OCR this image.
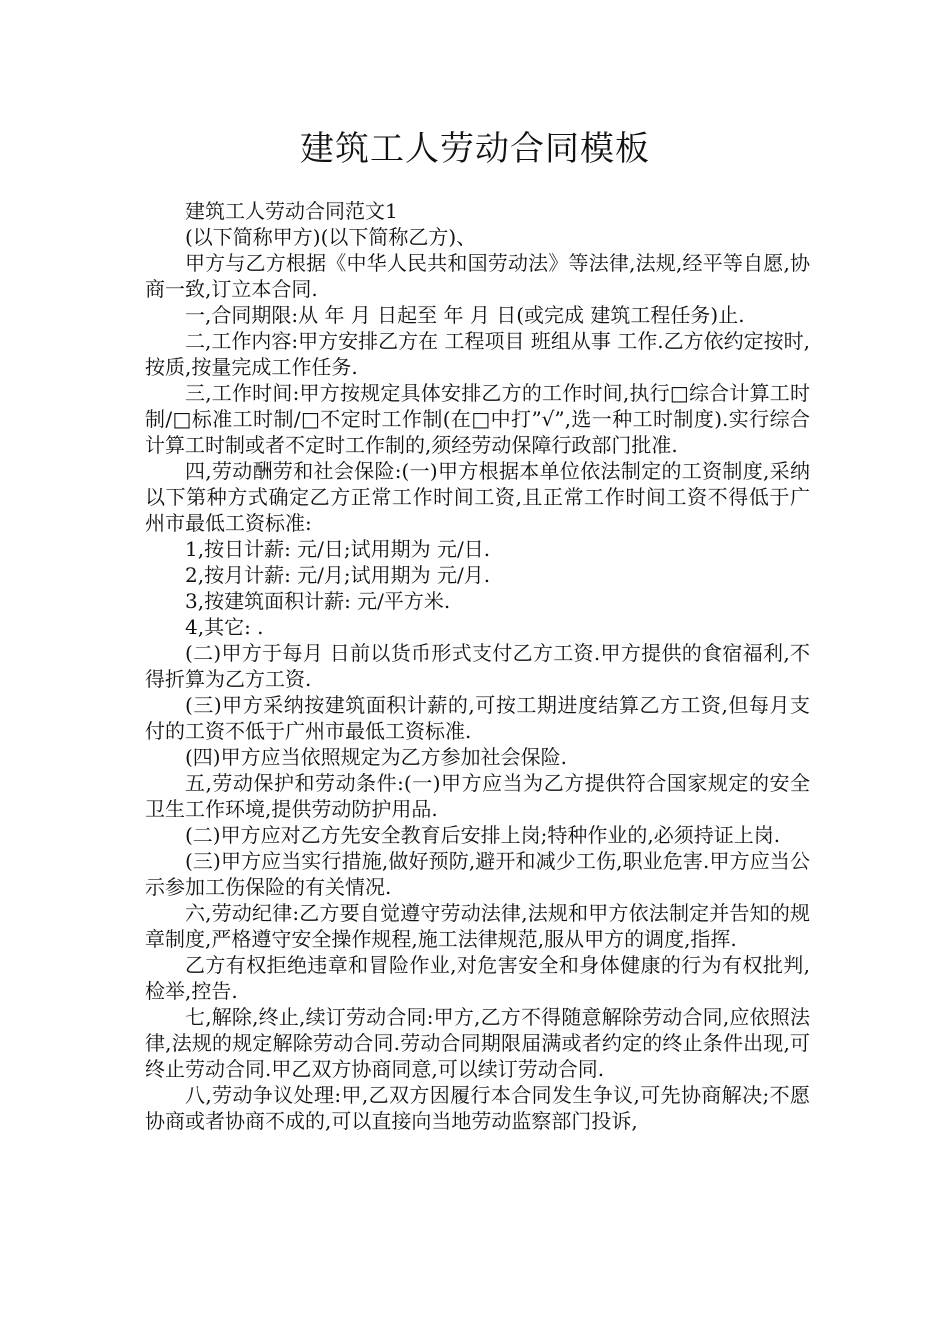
建筑工人劳动合同模板

建筑工人劳动合同范文1

(以下简称甲方)(以下简称乙方)、

甲方与乙方根据《中华人民共和国劳动法》等法律,法规,经平等自愿,协商一致,订立本合同.

一,合同期限:从 年 月 日起至 年 月 日(或完成 建筑工程任务)止.

二,工作内容:甲方安排乙方在 工程项目 班组从事 工作.乙方依约定按时,按质,按量完成工作任务.

三,工作时间:甲方按规定具体安排乙方的工作时间,执行□综合计算工时制/□标准工时制/□不定时工作制(在□中打”√”,选一种工时制度).实行综合计算工时制或者不定时工作制的,须经劳动保障行政部门批准.

四,劳动酬劳和社会保险:(一)甲方根据本单位依法制定的工资制度,采纳以下第种方式确定乙方正常工作时间工资,且正常工作时间工资不得低于广州市最低工资标准:

1,按日计薪: 元/日;试用期为 元/日.

2,按月计薪: 元/月;试用期为 元/月.

3,按建筑面积计薪: 元/平方米.

4,其它: .

(二)甲方于每月 日前以货币形式支付乙方工资.甲方提供的食宿福利,不得折算为乙方工资.

(三)甲方采纳按建筑面积计薪的,可按工期进度结算乙方工资,但每月支付的工资不低于广州市最低工资标准.

(四)甲方应当依照规定为乙方参加社会保险.

五,劳动保护和劳动条件:(一)甲方应当为乙方提供符合国家规定的安全卫生工作环境,提供劳动防护用品.

(二)甲方应对乙方先安全教育后安排上岗;特种作业的,必须持证上岗.

(三)甲方应当实行措施,做好预防,避开和减少工伤,职业危害.甲方应当公示参加工伤保险的有关情况.

六,劳动纪律:乙方要自觉遵守劳动法律,法规和甲方依法制定并告知的规章制度,严格遵守安全操作规程,施工法律规范,服从甲方的调度,指挥.

乙方有权拒绝违章和冒险作业,对危害安全和身体健康的行为有权批判,检举,控告.

七,解除,终止,续订劳动合同:甲方,乙方不得随意解除劳动合同,应依照法律,法规的规定解除劳动合同.劳动合同期限届满或者约定的终止条件出现,可终止劳动合同.甲乙双方协商同意,可以续订劳动合同.

八,劳动争议处理:甲,乙双方因履行本合同发生争议,可先协商解决;不愿协商或者协商不成的,可以直接向当地劳动监察部门投诉,
